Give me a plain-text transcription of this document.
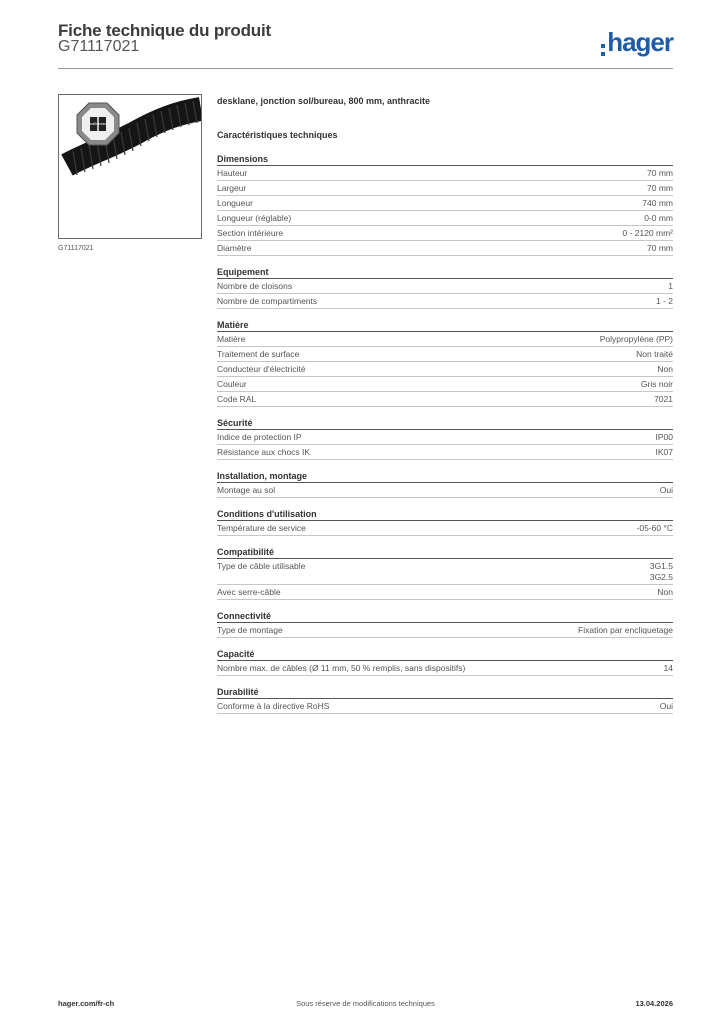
Fiche technique du produit
G71117021	hager
sol/bureau
G71117021
desklane, jonction sol/bureau, 800 mm, anthracite
Caractéristiques techniques
Dimensions
Hauteur	70 mm
Largeur	70 mm
Longueur	740 mm
Longueur (réglable)	0-0 mm
Section intérieure	0 - 2120 mm²
Diamètre	70 mm
Equipement
Nombre de cloisons	1
Nombre de compartiments	1 - 2
Matière
Matière	Polypropylène (PP)
Traitement de surface	Non traité
Conducteur d'électricité	Non
Couleur	Gris noir
Code RAL	7021
Sécurité
Indice de protection IP	IP00
Résistance aux chocs IK	IK07
Installation, montage
Montage au sol	Oui
Conditions d'utilisation
Température de service	-05-60 °C
Compatibilité
Type de câble utilisable	3G1.5
3G2.5
Avec serre-câble	Non
Connectivité
Type de montage	Fixation par encliquetage
Capacité
Nombre max. de câbles (Ø 11 mm, 50 % remplis, sans dispositifs)	14
Durabilité
Conforme à la directive RoHS	Oui
hager.com/fr-ch	Sous réserve de modifications techniques	13.04.2026
